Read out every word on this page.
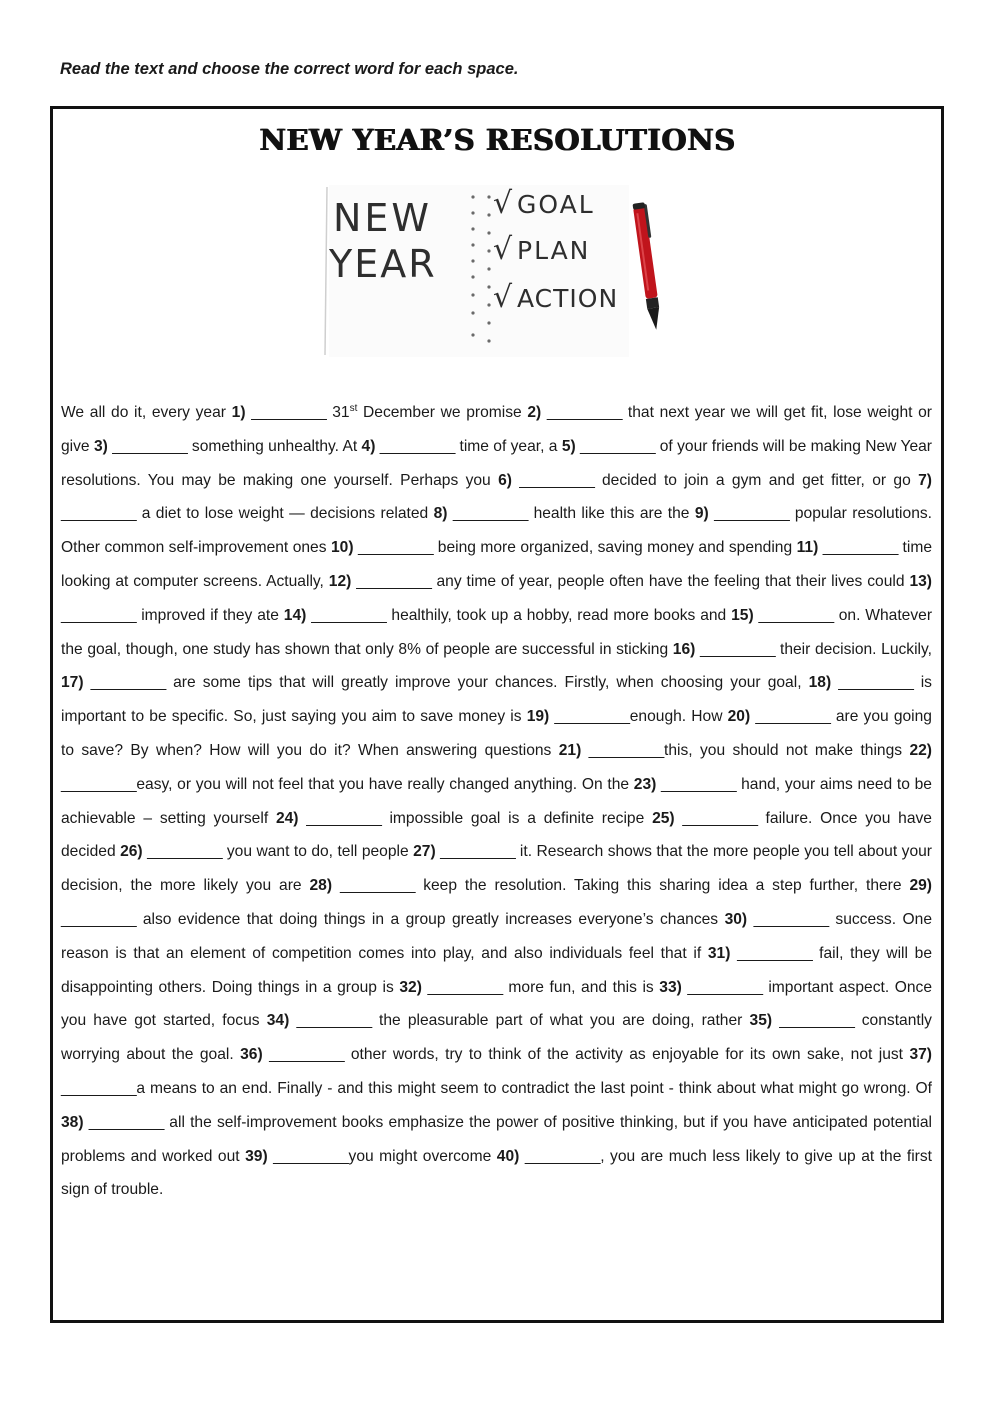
Read the text and choose the correct word for each space.

NEW YEAR’S RESOLUTIONS
NEW
YEAR
√ GOAL
√ PLAN
√ ACTION

We all do it, every year 1) _________ 31st December we promise 2) _________ that next year we will get fit, lose weight or give 3) _________ something unhealthy. At 4) _________ time of year, a 5) _________ of your friends will be making New Year resolutions. You may be making one yourself. Perhaps you 6) _________ decided to join a gym and get fitter, or go 7) _________ a diet to lose weight — decisions related 8) _________ health like this are the 9) _________ popular resolutions. Other common self-improvement ones 10) _________ being more organized, saving money and spending 11) _________ time looking at computer screens. Actually, 12) _________ any time of year, people often have the feeling that their lives could 13) _________ improved if they ate 14) _________ healthily, took up a hobby, read more books and 15) _________ on. Whatever the goal, though, one study has shown that only 8% of people are successful in sticking 16) _________ their decision. Luckily, 17) _________ are some tips that will greatly improve your chances. Firstly, when choosing your goal, 18) _________ is important to be specific. So, just saying you aim to save money is 19) _________enough. How 20) _________ are you going to save? By when? How will you do it? When answering questions 21) _________this, you should not make things 22) _________easy, or you will not feel that you have really changed anything. On the 23) _________ hand, your aims need to be achievable – setting yourself 24) _________ impossible goal is a definite recipe 25) _________ failure. Once you have decided 26) _________ you want to do, tell people 27) _________ it. Research shows that the more people you tell about your decision, the more likely you are 28) _________ keep the resolution. Taking this sharing idea a step further, there 29) _________ also evidence that doing things in a group greatly increases everyone’s chances 30) _________ success. One reason is that an element of competition comes into play, and also individuals feel that if 31) _________ fail, they will be disappointing others. Doing things in a group is 32) _________ more fun, and this is 33) _________ important aspect. Once you have got started, focus 34) _________ the pleasurable part of what you are doing, rather 35) _________ constantly worrying about the goal. 36) _________ other words, try to think of the activity as enjoyable for its own sake, not just 37) _________a means to an end. Finally - and this might seem to contradict the last point - think about what might go wrong. Of 38) _________ all the self-improvement books emphasize the power of positive thinking, but if you have anticipated potential problems and worked out 39) _________you might overcome 40) _________, you are much less likely to give up at the first sign of trouble.
